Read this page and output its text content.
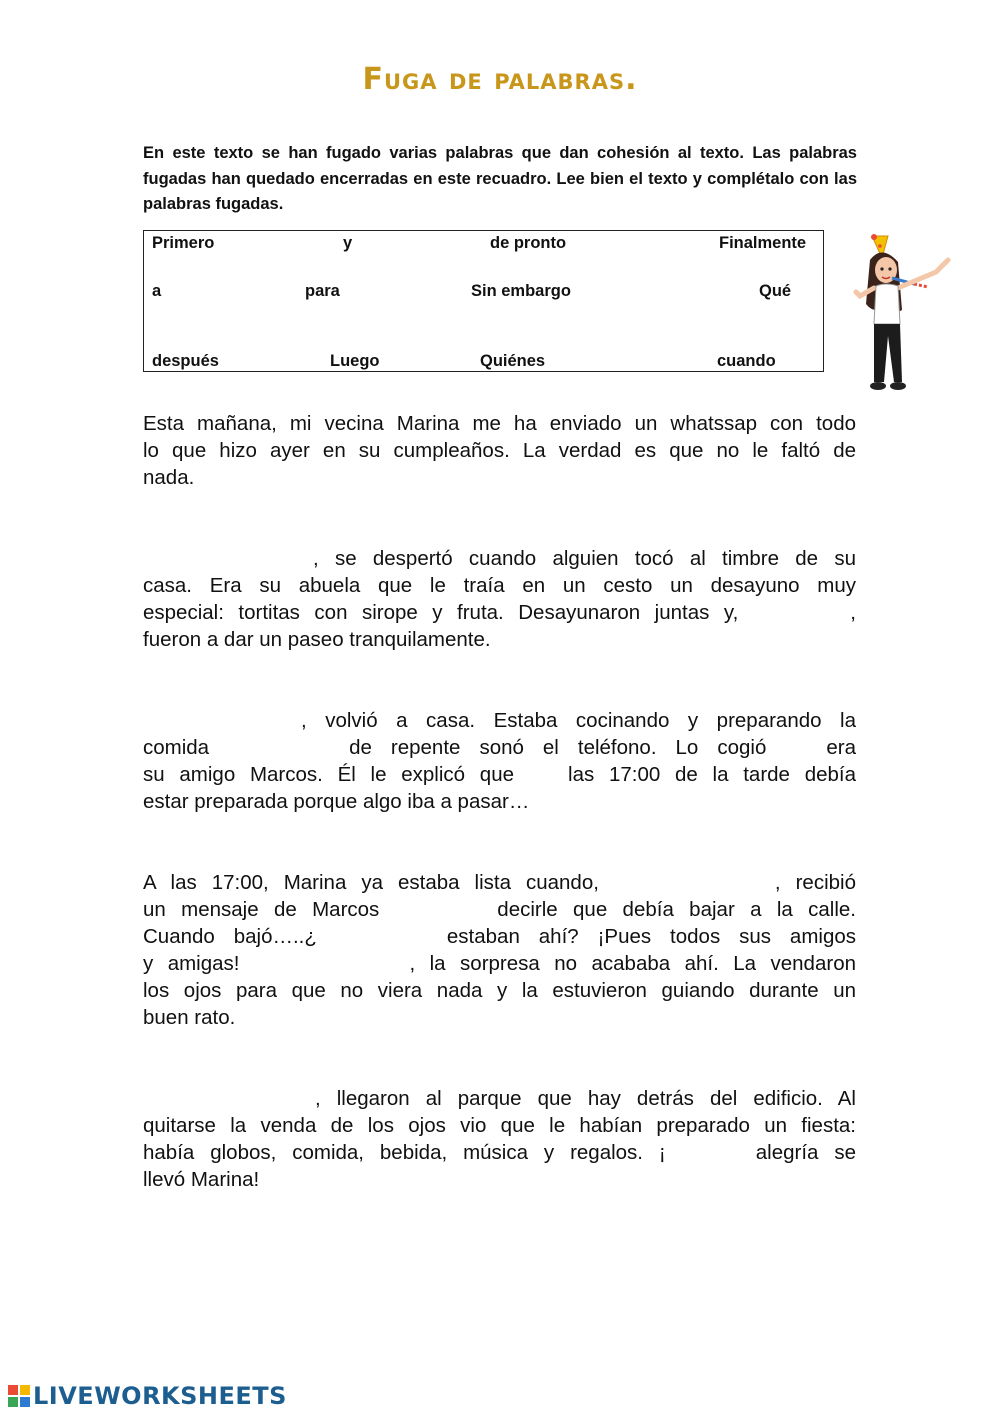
Fuga de palabras.
En este texto se han fugado varias palabras que dan cohesión al texto. Las palabras fugadas han quedado encerradas en este recuadro. Lee bien el texto y complétalo con las palabras fugadas.
Primero	y	de pronto	Finalmente
a	para	Sin embargo	Qué
después	Luego	Quiénes	cuando
Esta mañana, mi vecina Marina me ha enviado un whatssap con todo
lo que hizo ayer en su cumpleaños. La verdad es que no le faltó de
nada.
, se despertó cuando alguien tocó al timbre de su
casa. Era su abuela que le traía en un cesto un desayuno muy
especial: tortitas con sirope y fruta. Desayunaron juntas y,	,
fueron a dar un paseo tranquilamente.
, volvió a casa. Estaba cocinando y preparando la
comida	de repente sonó el teléfono. Lo cogió	era
su amigo Marcos. Él le explicó que	las 17:00 de la tarde debía
estar preparada porque algo iba a pasar…
A las 17:00, Marina ya estaba lista cuando,	, recibió
un mensaje de Marcos	decirle que debía bajar a la calle.
Cuando bajó…..¿	estaban ahí? ¡Pues todos sus amigos
y amigas!	, la sorpresa no acababa ahí. La vendaron
los ojos para que no viera nada y la estuvieron guiando durante un
buen rato.
, llegaron al parque que hay detrás del edificio. Al
quitarse la venda de los ojos vio que le habían preparado un fiesta:
había globos, comida, bebida, música y regalos. ¡	alegría se
llevó Marina!
LIVEWORKSHEETS
